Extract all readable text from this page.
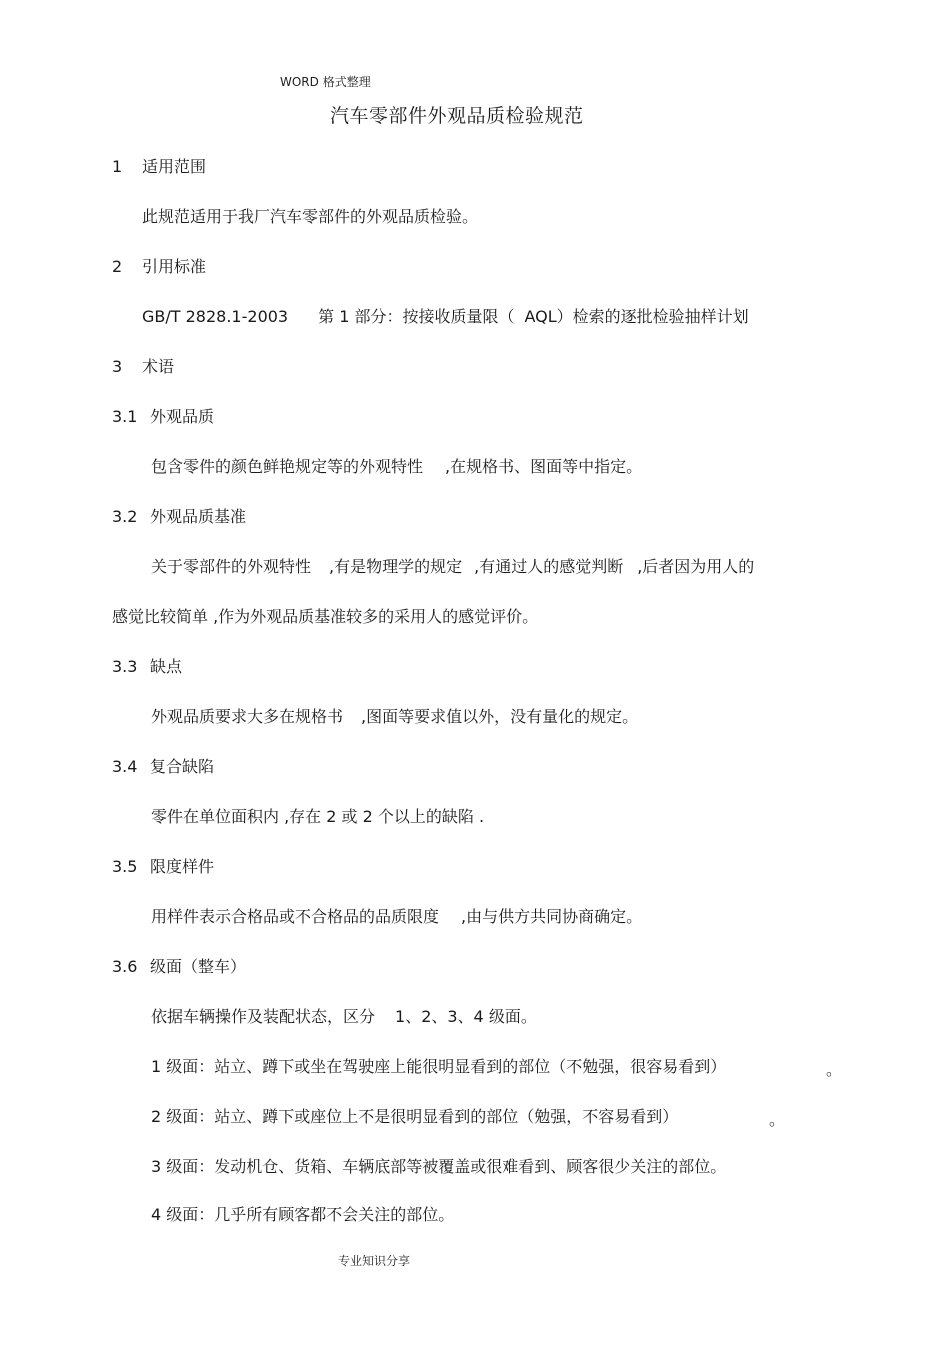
WORD 格式整理
汽车零部件外观品质检验规范
1 适用范围
此规范适用于我厂汽车零部件的外观品质检验。
2 引用标准
GB/T 2828.1-2003 第 1 部分：按接收质量限（ AQL）检索的逐批检验抽样计划
3 术语
3.1 外观品质
包含零件的颜色鲜艳规定等的外观特性 ,在规格书、图面等中指定。
3.2 外观品质基准
关于零部件的外观特性 ,有是物理学的规定 ,有通过人的感觉判断 ,后者因为用人的
感觉比较简单 ,作为外观品质基准较多的采用人的感觉评价。
3.3 缺点
外观品质要求大多在规格书 ,图面等要求值以外，没有量化的规定。
3.4 复合缺陷
零件在单位面积内 ,存在 2 或 2 个以上的缺陷 .
3.5 限度样件
用样件表示合格品或不合格品的品质限度 ,由与供方共同协商确定。
3.6 级面（整车）
依据车辆操作及装配状态，区分 1、2、3、4 级面。
1 级面：站立、蹲下或坐在驾驶座上能很明显看到的部位（不勉强，很容易看到）	。
2 级面：站立、蹲下或座位上不是很明显看到的部位（勉强，不容易看到）	。
3 级面：发动机仓、货箱、车辆底部等被覆盖或很难看到、顾客很少关注的部位。
4 级面：几乎所有顾客都不会关注的部位。
专业知识分享
